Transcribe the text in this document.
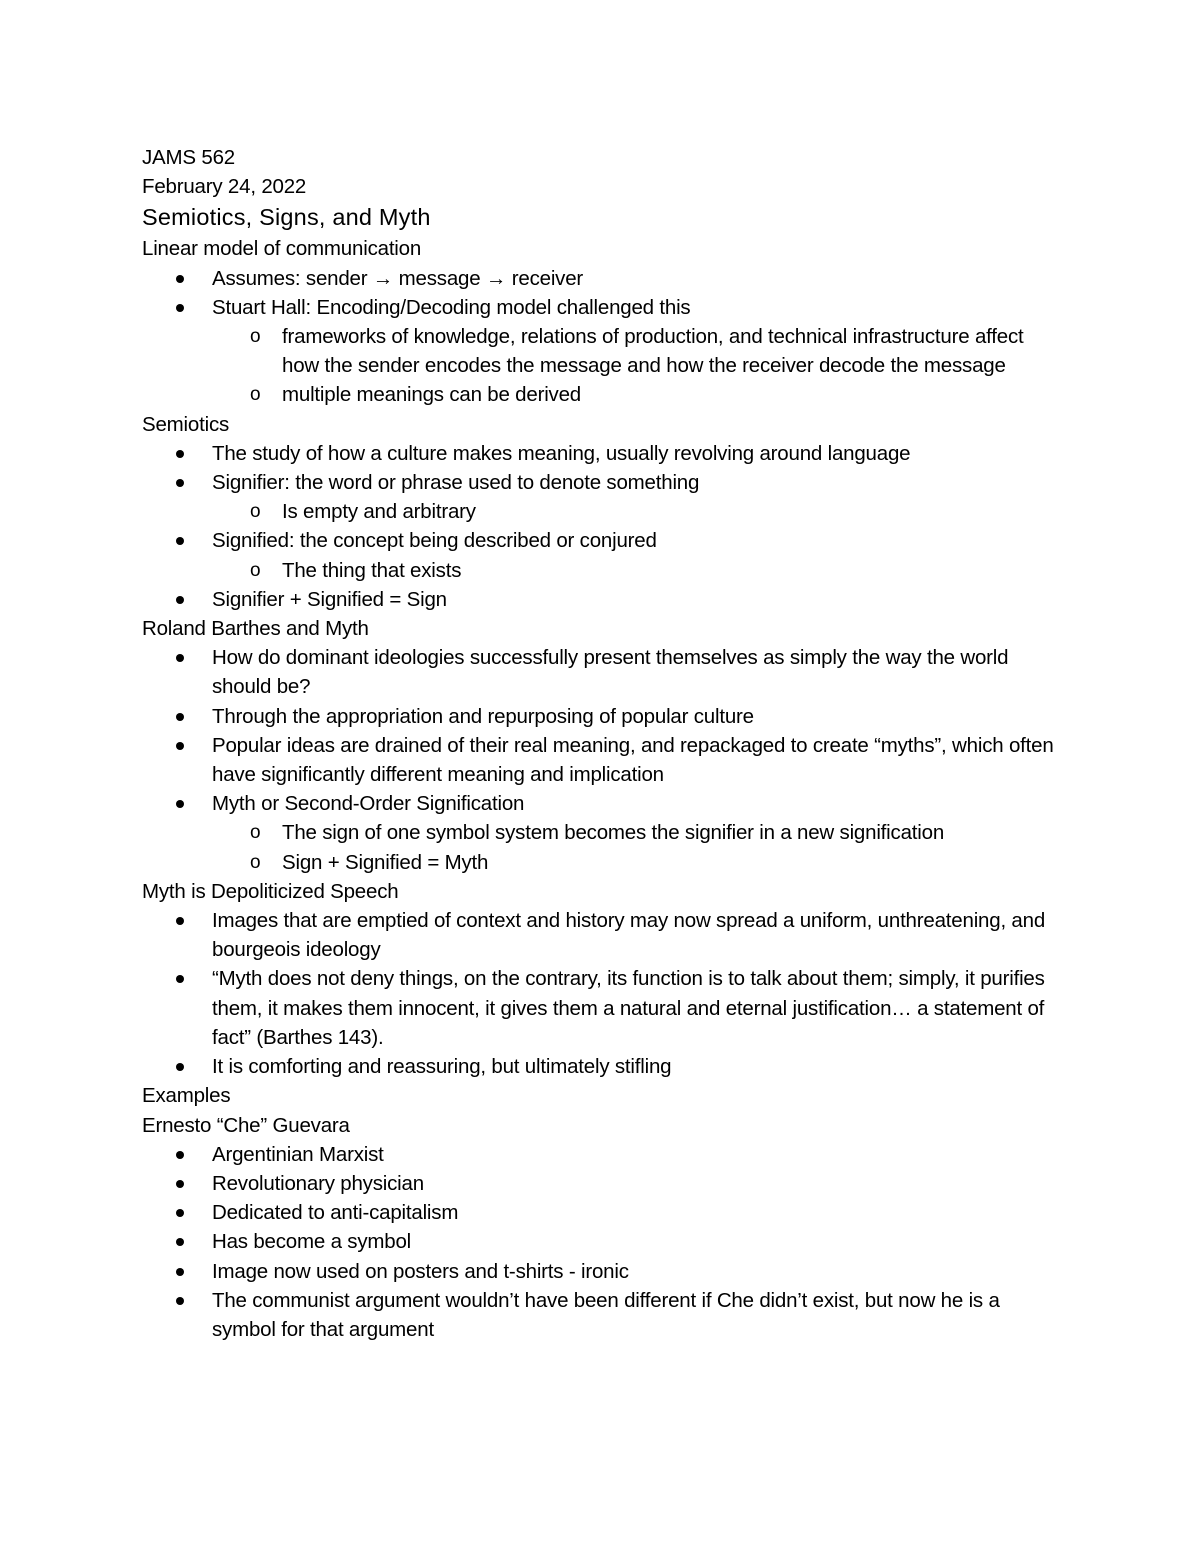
JAMS 562
February 24, 2022
Semiotics, Signs, and Myth
Linear model of communication
Assumes: sender → message → receiver
Stuart Hall: Encoding/Decoding model challenged this
o frameworks of knowledge, relations of production, and technical infrastructure affect how the sender encodes the message and how the receiver decode the message
o multiple meanings can be derived
Semiotics
The study of how a culture makes meaning, usually revolving around language
Signifier: the word or phrase used to denote something
o Is empty and arbitrary
Signified: the concept being described or conjured
o The thing that exists
Signifier + Signified = Sign
Roland Barthes and Myth
How do dominant ideologies successfully present themselves as simply the way the world should be?
Through the appropriation and repurposing of popular culture
Popular ideas are drained of their real meaning, and repackaged to create “myths”, which often have significantly different meaning and implication
Myth or Second-Order Signification
o The sign of one symbol system becomes the signifier in a new signification
o Sign + Signified = Myth
Myth is Depoliticized Speech
Images that are emptied of context and history may now spread a uniform, unthreatening, and bourgeois ideology
“Myth does not deny things, on the contrary, its function is to talk about them; simply, it purifies them, it makes them innocent, it gives them a natural and eternal justification… a statement of fact” (Barthes 143).
It is comforting and reassuring, but ultimately stifling
Examples
Ernesto “Che” Guevara
Argentinian Marxist
Revolutionary physician
Dedicated to anti-capitalism
Has become a symbol
Image now used on posters and t-shirts - ironic
The communist argument wouldn’t have been different if Che didn’t exist, but now he is a symbol for that argument
